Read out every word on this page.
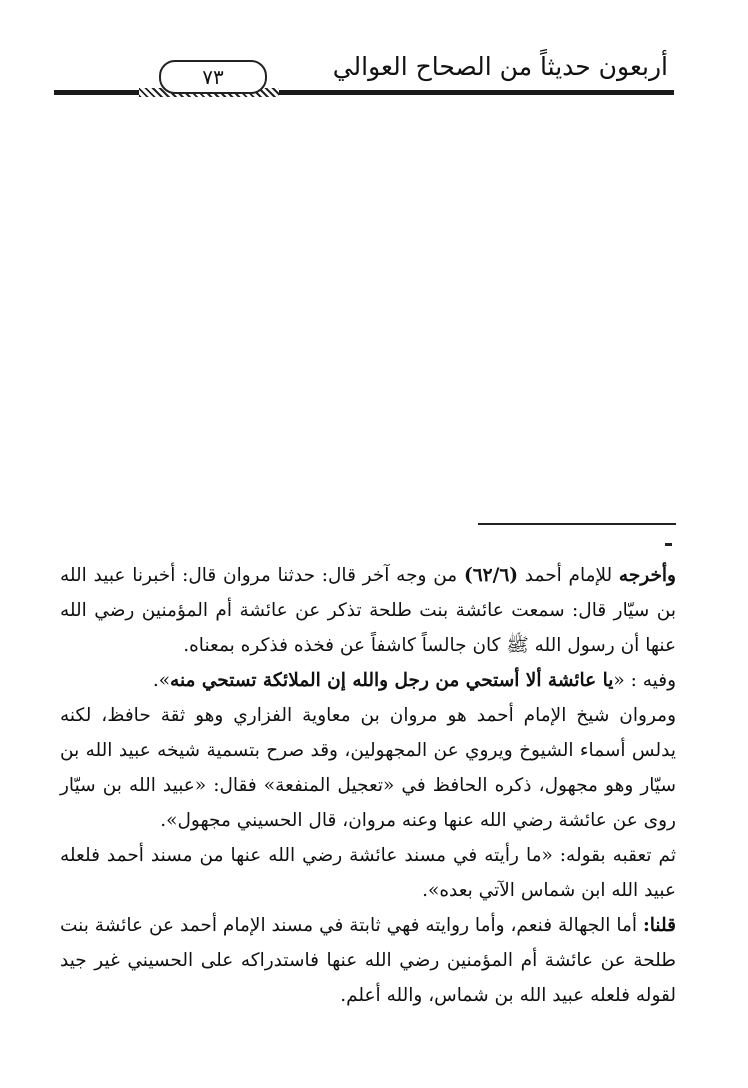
أربعون حديثاً من الصحاح العوالي
٧٣

وأخرجه للإمام أحمد (٦٢/٦) من وجه آخر قال: حدثنا مروان قال: أخبرنا عبيد الله بن سيّار قال: سمعت عائشة بنت طلحة تذكر عن عائشة أم المؤمنين رضي الله عنها أن رسول الله ﷺ كان جالساً كاشفاً عن فخذه فذكره بمعناه.

وفيه : «يا عائشة ألا أستحي من رجل والله إن الملائكة تستحي منه».

ومروان شيخ الإمام أحمد هو مروان بن معاوية الفزاري وهو ثقة حافظ، لكنه يدلس أسماء الشيوخ ويروي عن المجهولين، وقد صرح بتسمية شيخه عبيد الله بن سيّار وهو مجهول، ذكره الحافظ في «تعجيل المنفعة» فقال: «عبيد الله بن سيّار روى عن عائشة رضي الله عنها وعنه مروان، قال الحسيني مجهول».

ثم تعقبه بقوله: «ما رأيته في مسند عائشة رضي الله عنها من مسند أحمد فلعله عبيد الله ابن شماس الآتي بعده».

قلنا: أما الجهالة فنعم، وأما روايته فهي ثابتة في مسند الإمام أحمد عن عائشة بنت طلحة عن عائشة أم المؤمنين رضي الله عنها فاستدراكه على الحسيني غير جيد لقوله فلعله عبيد الله بن شماس، والله أعلم.
